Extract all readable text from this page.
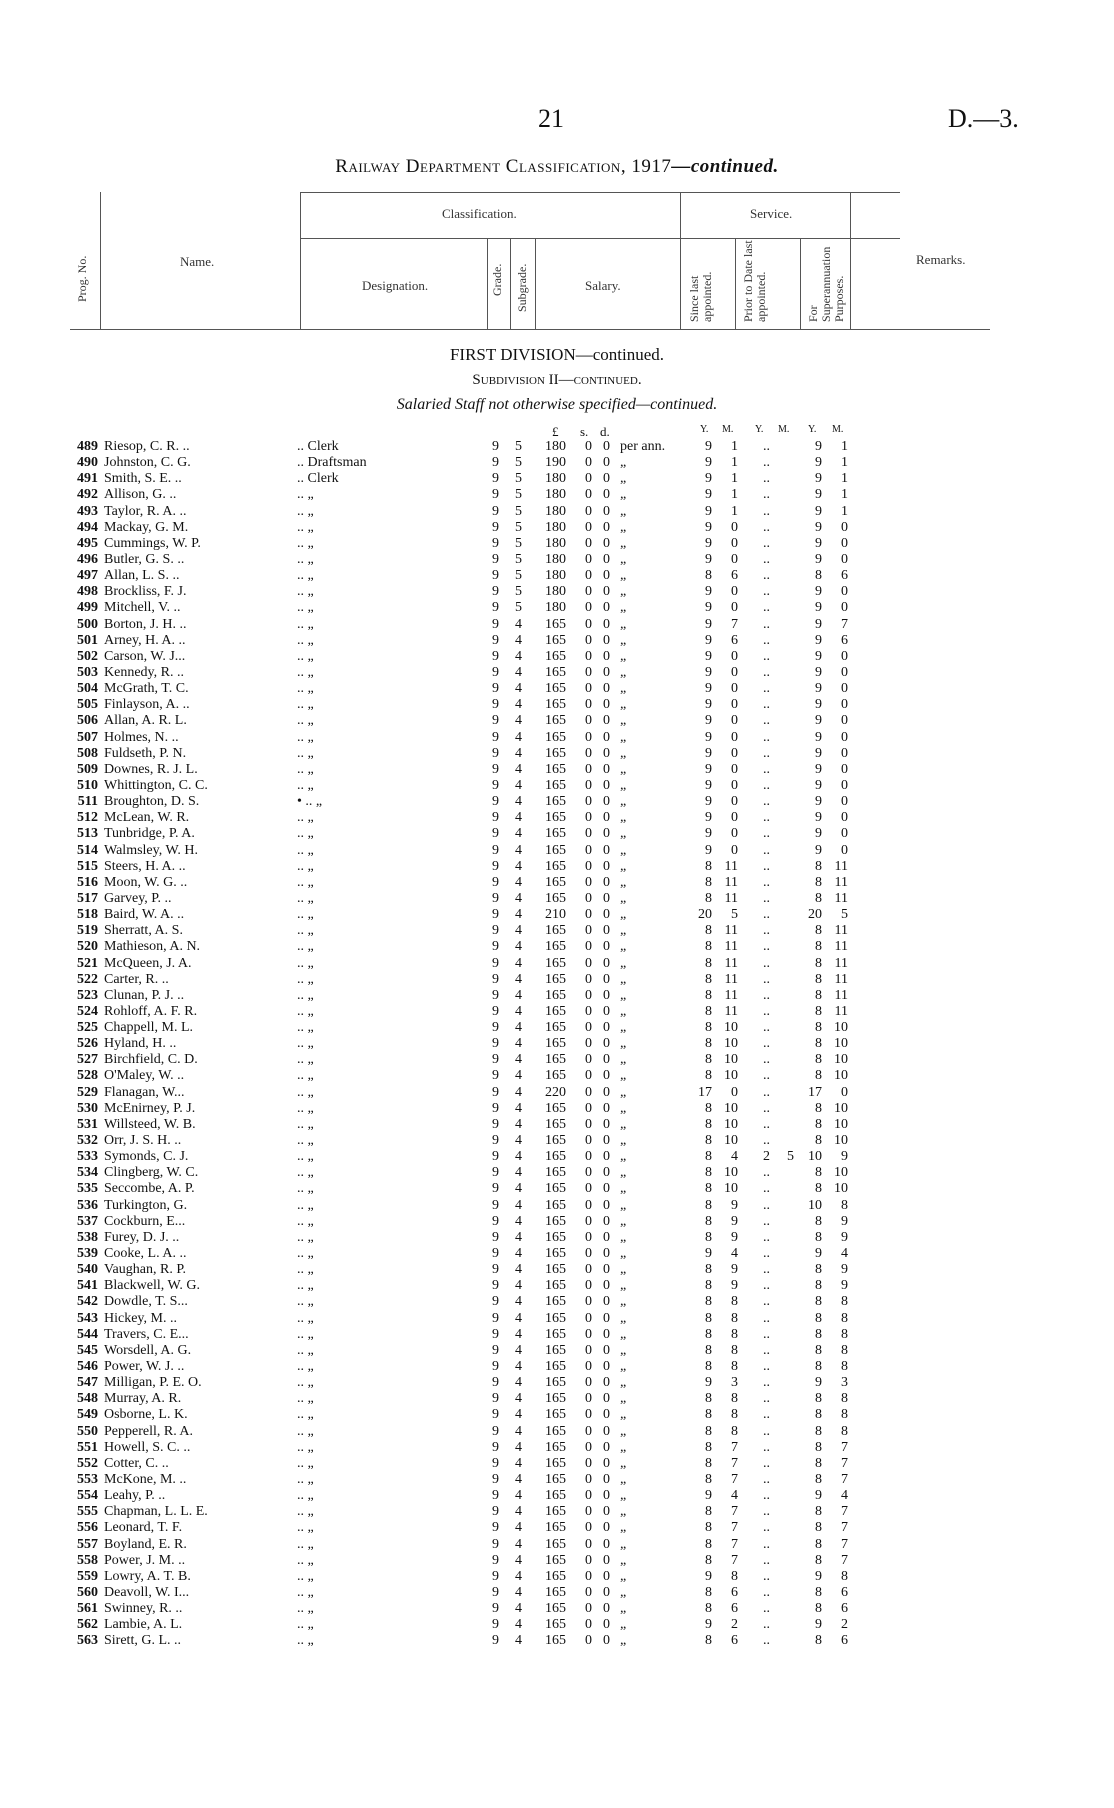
21	D.—3.
Railway Department Classification, 1917—continued.
Prog. No.	Name.
Classification.
Designation.	Grade. Subgrade.	Salary.
Service.
Since last appointed. Prior to Date last appointed.	For Superannuation Purposes.
Remarks.
FIRST DIVISION—continued.
Subdivision II—continued.
Salaried Staff not otherwise specified—continued.
£ s. d.	Y. M. Y. M. Y. M.
489 Riesop, C. R. ..	.. Clerk	9	5	180	0 0 per ann.	9	1	..	9	1
490 Johnston, C. G.	.. Draftsman	9	5	190	0 0 „	9	1	..	9	1
491 Smith, S. E. ..	.. Clerk	9	5	180	0 0 „	9	1	..	9	1
492 Allison, G. ..	.. „	9	5	180	0 0 „	9	1	..	9	1
493 Taylor, R. A. ..	.. „	9	5	180	0 0 „	9	1	..	9	1
494 Mackay, G. M.	.. „	9	5	180	0 0 „	9	0	..	9	0
495 Cummings, W. P.	.. „	9	5	180	0 0 „	9	0	..	9	0
496 Butler, G. S. ..	.. „	9	5	180	0 0 „	9	0	..	9	0
497 Allan, L. S. ..	.. „	9	5	180	0 0 „	8	6	..	8	6
498 Brockliss, F. J.	.. „	9	5	180	0 0 „	9	0	..	9	0
499 Mitchell, V. ..	.. „	9	5	180	0 0 „	9	0	..	9	0
500 Borton, J. H. ..	.. „	9	4	165	0 0 „	9	7	..	9	7
501 Arney, H. A. ..	.. „	9	4	165	0 0 „	9	6	..	9	6
502 Carson, W. J...	.. „	9	4	165	0 0 „	9	0	..	9	0
503 Kennedy, R. ..	.. „	9	4	165	0 0 „	9	0	..	9	0
504 McGrath, T. C.	.. „	9	4	165	0 0 „	9	0	..	9	0
505 Finlayson, A. ..	.. „	9	4	165	0 0 „	9	0	..	9	0
506 Allan, A. R. L.	.. „	9	4	165	0 0 „	9	0	..	9	0
507 Holmes, N. ..	.. „	9	4	165	0 0 „	9	0	..	9	0
508 Fuldseth, P. N.	.. „	9	4	165	0 0 „	9	0	..	9	0
509 Downes, R. J. L.	.. „	9	4	165	0 0 „	9	0	..	9	0
510 Whittington, C. C.	.. „	9	4	165	0 0 „	9	0	..	9	0
511 Broughton, D. S.	• .. „	9	4	165	0 0 „	9	0	..	9	0
512 McLean, W. R.	.. „	9	4	165	0 0 „	9	0	..	9	0
513 Tunbridge, P. A.	.. „	9	4	165	0 0 „	9	0	..	9	0
514 Walmsley, W. H.	.. „	9	4	165	0 0 „	9	0	..	9	0
515 Steers, H. A. ..	.. „	9	4	165	0 0 „	8 11	..	8 11
516 Moon, W. G. ..	.. „	9	4	165	0 0 „	8 11	..	8 11
517 Garvey, P. ..	.. „	9	4	165	0 0 „	8 11	..	8 11
518 Baird, W. A. ..	.. „	9	4	210	0 0 „	20	5	..	20	5
519 Sherratt, A. S.	.. „	9	4	165	0 0 „	8 11	..	8 11
520 Mathieson, A. N.	.. „	9	4	165	0 0 „	8 11	..	8 11
521 McQueen, J. A.	.. „	9	4	165	0 0 „	8 11	..	8 11
522 Carter, R. ..	.. „	9	4	165	0 0 „	8 11	..	8 11
523 Clunan, P. J. ..	.. „	9	4	165	0 0 „	8 11	..	8 11
524 Rohloff, A. F. R.	.. „	9	4	165	0 0 „	8 11	..	8 11
525 Chappell, M. L.	.. „	9	4	165	0 0 „	8 10	..	8 10
526 Hyland, H. ..	.. „	9	4	165	0 0 „	8 10	..	8 10
527 Birchfield, C. D.	.. „	9	4	165	0 0 „	8 10	..	8 10
528 O'Maley, W. ..	.. „	9	4	165	0 0 „	8 10	..	8 10
529 Flanagan, W...	.. „	9	4	220	0 0 „	17	0	..	17	0
530 McEnirney, P. J.	.. „	9	4	165	0 0 „	8 10	..	8 10
531 Willsteed, W. B.	.. „	9	4	165	0 0 „	8 10	..	8 10
532 Orr, J. S. H. ..	.. „	9	4	165	0 0 „	8 10	..	8 10
533 Symonds, C. J.	.. „	9	4	165	0 0 „	8	4	2	5	10	9
534 Clingberg, W. C.	.. „	9	4	165	0 0 „	8 10	..	8 10
535 Seccombe, A. P.	.. „	9	4	165	0 0 „	8 10	..	8 10
536 Turkington, G.	.. „	9	4	165	0 0 „	8	9	..	10	8
537 Cockburn, E...	.. „	9	4	165	0 0 „	8	9	..	8	9
538 Furey, D. J. ..	.. „	9	4	165	0 0 „	8	9	..	8	9
539 Cooke, L. A. ..	.. „	9	4	165	0 0 „	9	4	..	9	4
540 Vaughan, R. P.	.. „	9	4	165	0 0 „	8	9	..	8	9
541 Blackwell, W. G.	.. „	9	4	165	0 0 „	8	9	..	8	9
542 Dowdle, T. S...	.. „	9	4	165	0 0 „	8	8	..	8	8
543 Hickey, M. ..	.. „	9	4	165	0 0 „	8	8	..	8	8
544 Travers, C. E...	.. „	9	4	165	0 0 „	8	8	..	8	8
545 Worsdell, A. G.	.. „	9	4	165	0 0 „	8	8	..	8	8
546 Power, W. J. ..	.. „	9	4	165	0 0 „	8	8	..	8	8
547 Milligan, P. E. O.	.. „	9	4	165	0 0 „	9	3	..	9	3
548 Murray, A. R.	.. „	9	4	165	0 0 „	8	8	..	8	8
549 Osborne, L. K.	.. „	9	4	165	0 0 „	8	8	..	8	8
550 Pepperell, R. A.	.. „	9	4	165	0 0 „	8	8	..	8	8
551 Howell, S. C. ..	.. „	9	4	165	0 0 „	8	7	..	8	7
552 Cotter, C. ..	.. „	9	4	165	0 0 „	8	7	..	8	7
553 McKone, M. ..	.. „	9	4	165	0 0 „	8	7	..	8	7
554 Leahy, P. ..	.. „	9	4	165	0 0 „	9	4	..	9	4
555 Chapman, L. L. E.	.. „	9	4	165	0 0 „	8	7	..	8	7
556 Leonard, T. F.	.. „	9	4	165	0 0 „	8	7	..	8	7
557 Boyland, E. R.	.. „	9	4	165	0 0 „	8	7	..	8	7
558 Power, J. M. ..	.. „	9	4	165	0 0 „	8	7	..	8	7
559 Lowry, A. T. B.	.. „	9	4	165	0 0 „	9	8	..	9	8
560 Deavoll, W. I...	.. „	9	4	165	0 0 „	8	6	..	8	6
561 Swinney, R. ..	.. „	9	4	165	0 0 „	8	6	..	8	6
562 Lambie, A. L.	.. „	9	4	165	0 0 „	9	2	..	9	2
563 Sirett, G. L. ..	.. „	9	4	165	0 0 „	8	6	..	8	6
